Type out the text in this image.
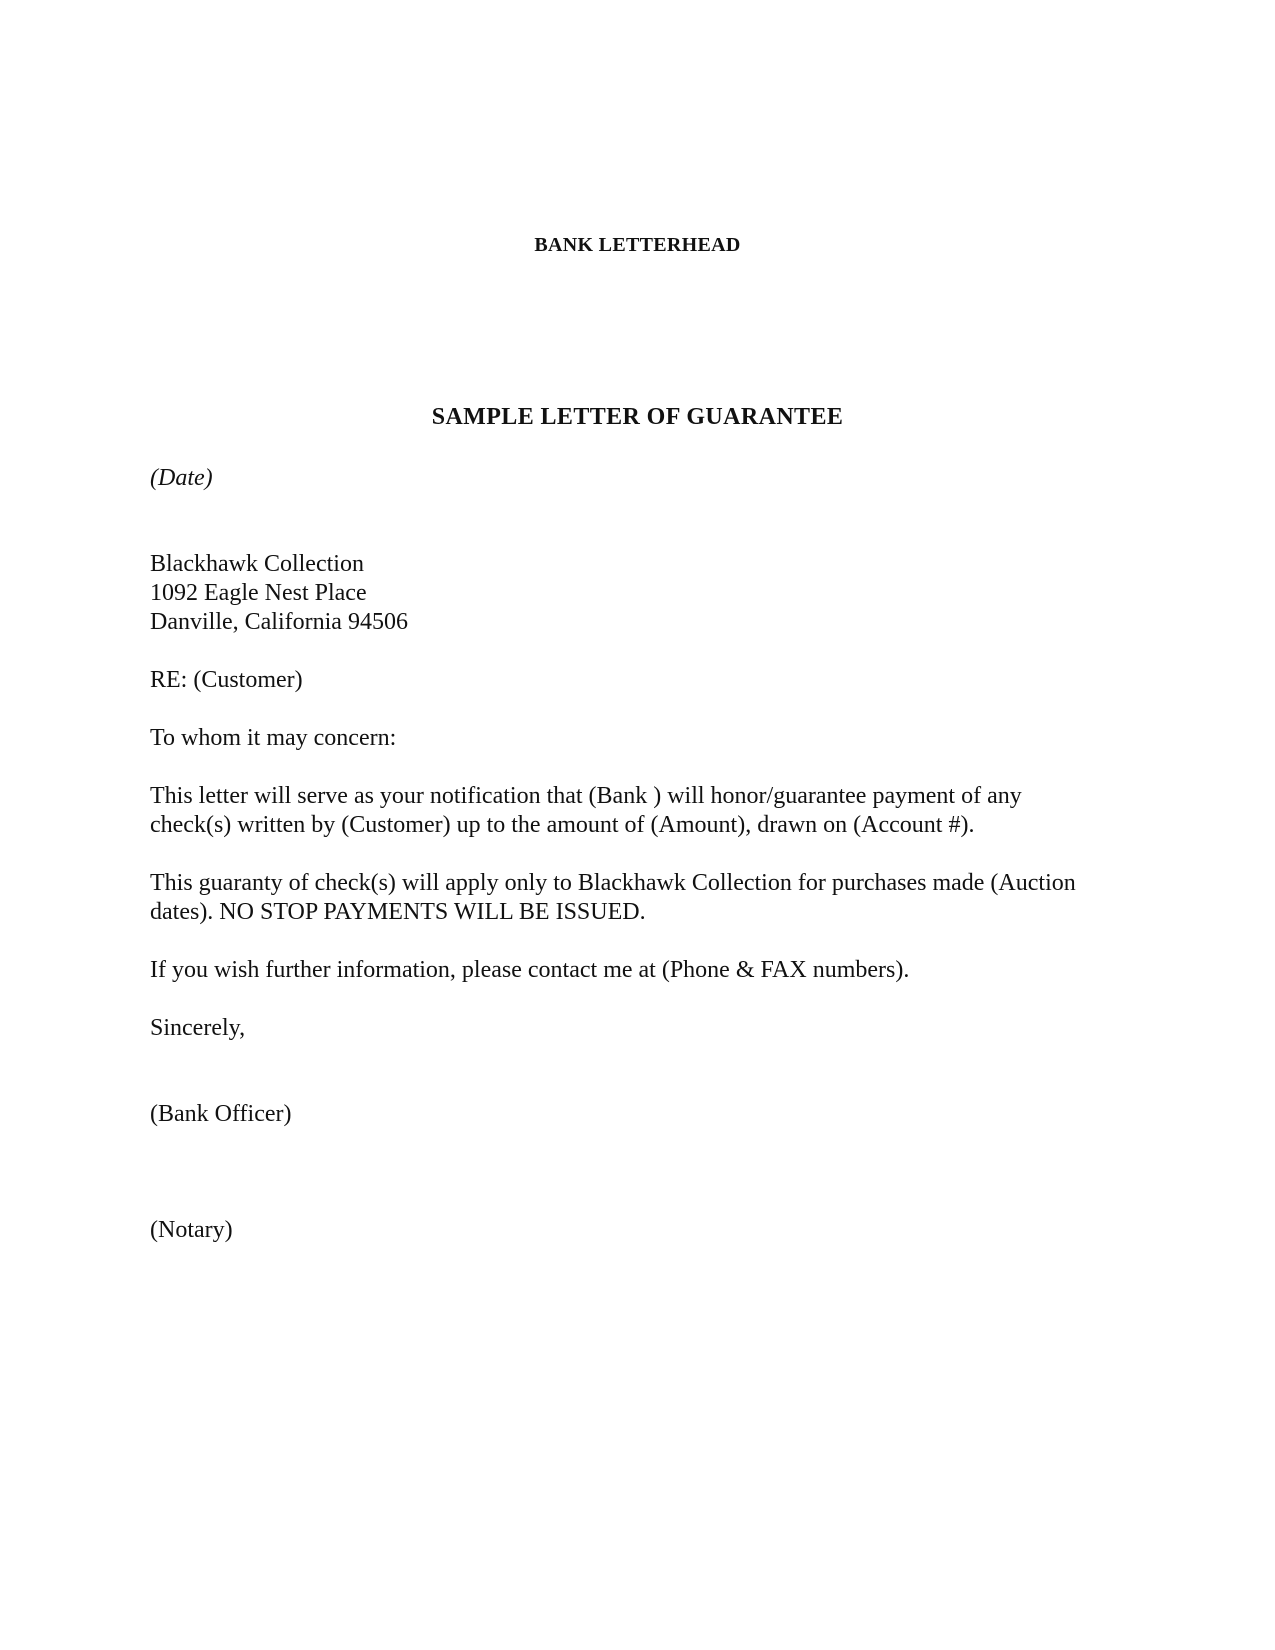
BANK LETTERHEAD
SAMPLE LETTER OF GUARANTEE
(Date)
Blackhawk Collection
1092 Eagle Nest Place
Danville, California 94506
RE: (Customer)
To whom it may concern:
This letter will serve as your notification that (Bank ) will honor/guarantee payment of any
check(s) written by (Customer) up to the amount of (Amount), drawn on (Account #).
This guaranty of check(s) will apply only to Blackhawk Collection for purchases made (Auction
dates). NO STOP PAYMENTS WILL BE ISSUED.
If you wish further information, please contact me at (Phone & FAX numbers).
Sincerely,
(Bank Officer)
(Notary)
